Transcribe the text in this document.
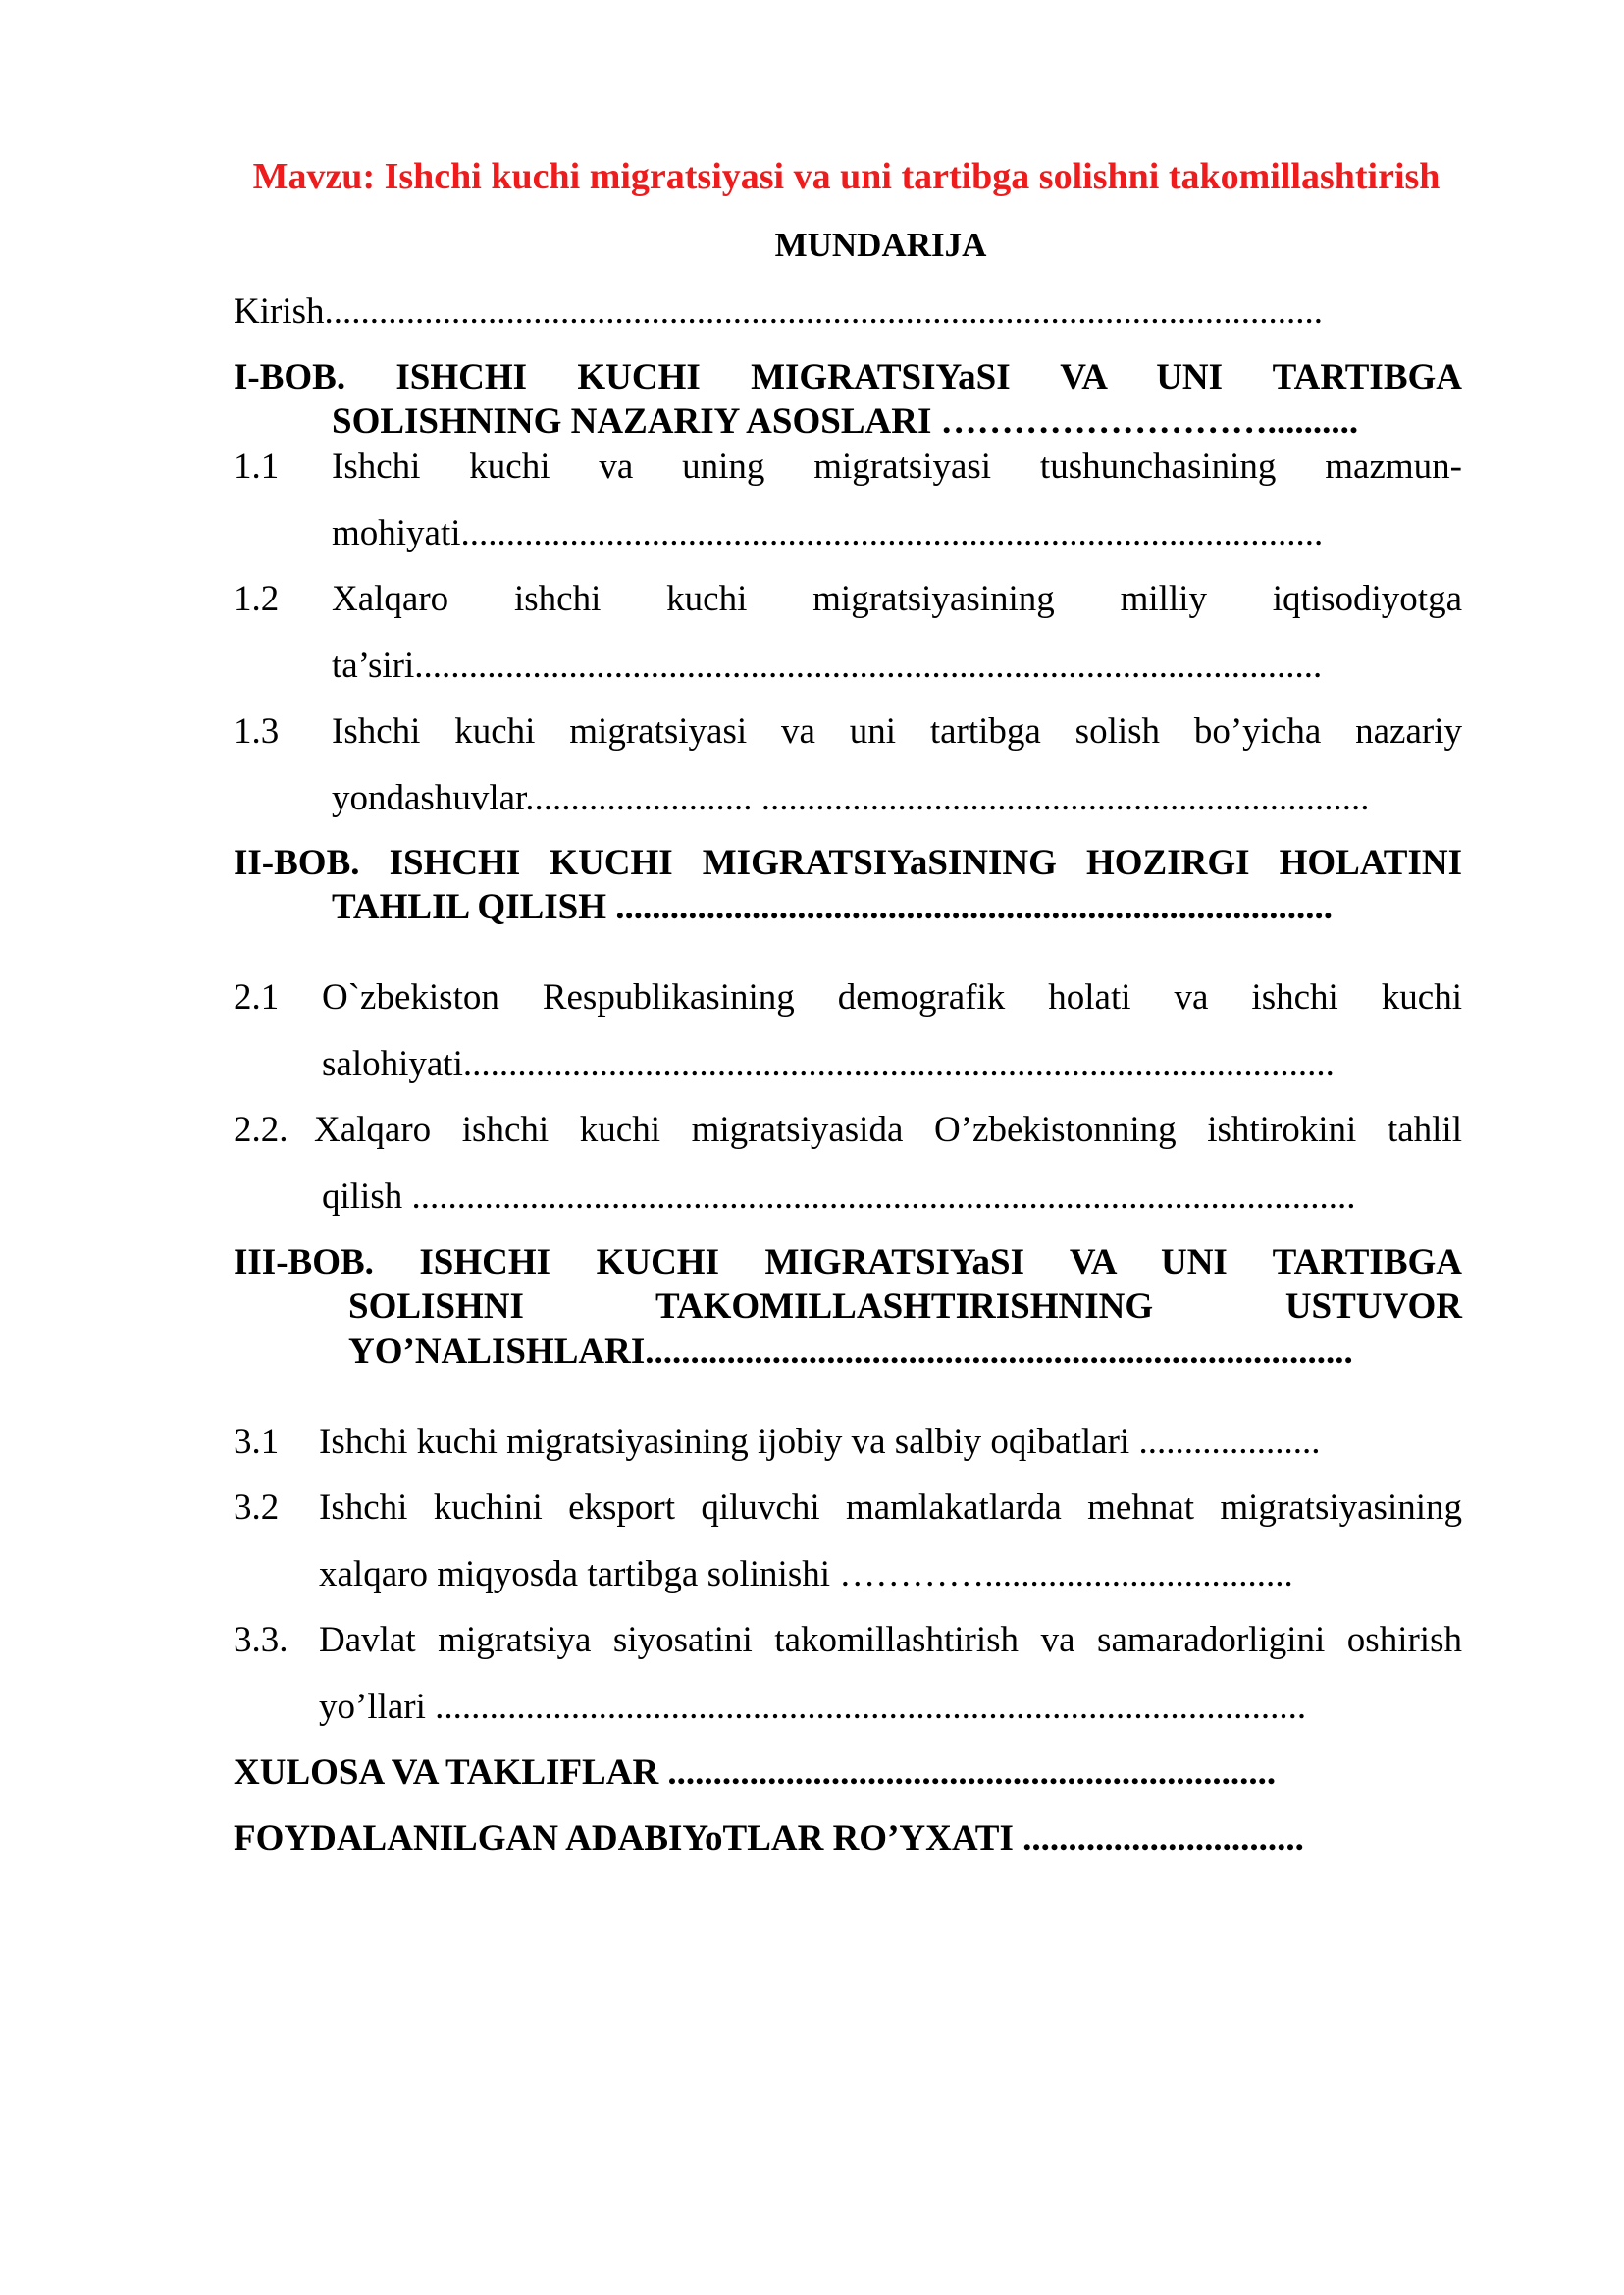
Mavzu: Ishchi kuchi migratsiyasi va uni tartibga solishni takomillashtirish
MUNDARIJA
Kirish..............................................................................................................
I-BOB. ISHCHI KUCHI MIGRATSIYaSI VA UNI TARTIBGA
SOLISHNING NAZARIY ASOSLARI ………………………..........
1.1 Ishchi kuchi va uning migratsiyasi tushunchasining mazmun-
mohiyati...............................................................................................
1.2 Xalqaro ishchi kuchi migratsiyasining milliy iqtisodiyotga
ta’siri....................................................................................................
1.3 Ishchi kuchi migratsiyasi va uni tartibga solish bo’yicha nazariy
yondashuvlar......................... ...................................................................
II-BOB. ISHCHI KUCHI MIGRATSIYaSINING HOZIRGI HOLATINI
TAHLIL QILISH ...............................................................................
2.1 O`zbekiston Respublikasining demografik holati va ishchi kuchi
salohiyati................................................................................................
2.2. Xalqaro ishchi kuchi migratsiyasida O’zbekistonning ishtirokini tahlil
qilish ........................................................................................................
III-BOB. ISHCHI KUCHI MIGRATSIYaSI VA UNI TARTIBGA
SOLISHNI TAKOMILLASHTIRISHNING USTUVOR
YO’NALISHLARI..............................................................................
3.1 Ishchi kuchi migratsiyasining ijobiy va salbiy oqibatlari ....................
3.2 Ishchi kuchini eksport qiluvchi mamlakatlarda mehnat migratsiyasining
xalqaro miqyosda tartibga solinishi …………..................................
3.3. Davlat migratsiya siyosatini takomillashtirish va samaradorligini oshirish
yo’llari ................................................................................................
XULOSA VA TAKLIFLAR ...................................................................
FOYDALANILGAN ADABIYoTLAR RO’YXATI ...............................
